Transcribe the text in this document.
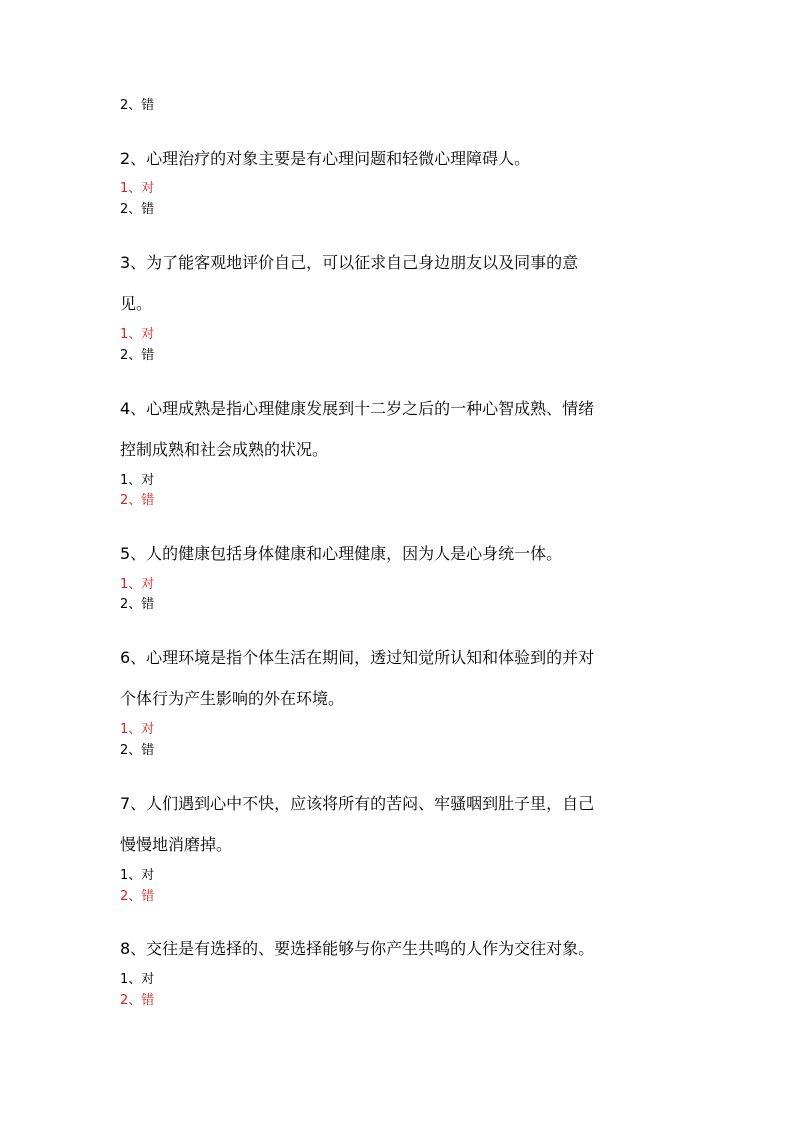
2、错
2、心理治疗的对象主要是有心理问题和轻微心理障碍人。
1、对
2、错
3、为了能客观地评价自己，可以征求自己身边朋友以及同事的意
见。
1、对
2、错
4、心理成熟是指心理健康发展到十二岁之后的一种心智成熟、情绪
控制成熟和社会成熟的状况。
1、对
2、错
5、人的健康包括身体健康和心理健康，因为人是心身统一体。
1、对
2、错
6、心理环境是指个体生活在期间，透过知觉所认知和体验到的并对
个体行为产生影响的外在环境。
1、对
2、错
7、人们遇到心中不快，应该将所有的苦闷、牢骚咽到肚子里，自己
慢慢地消磨掉。
1、对
2、错
8、交往是有选择的、要选择能够与你产生共鸣的人作为交往对象。
1、对
2、错
